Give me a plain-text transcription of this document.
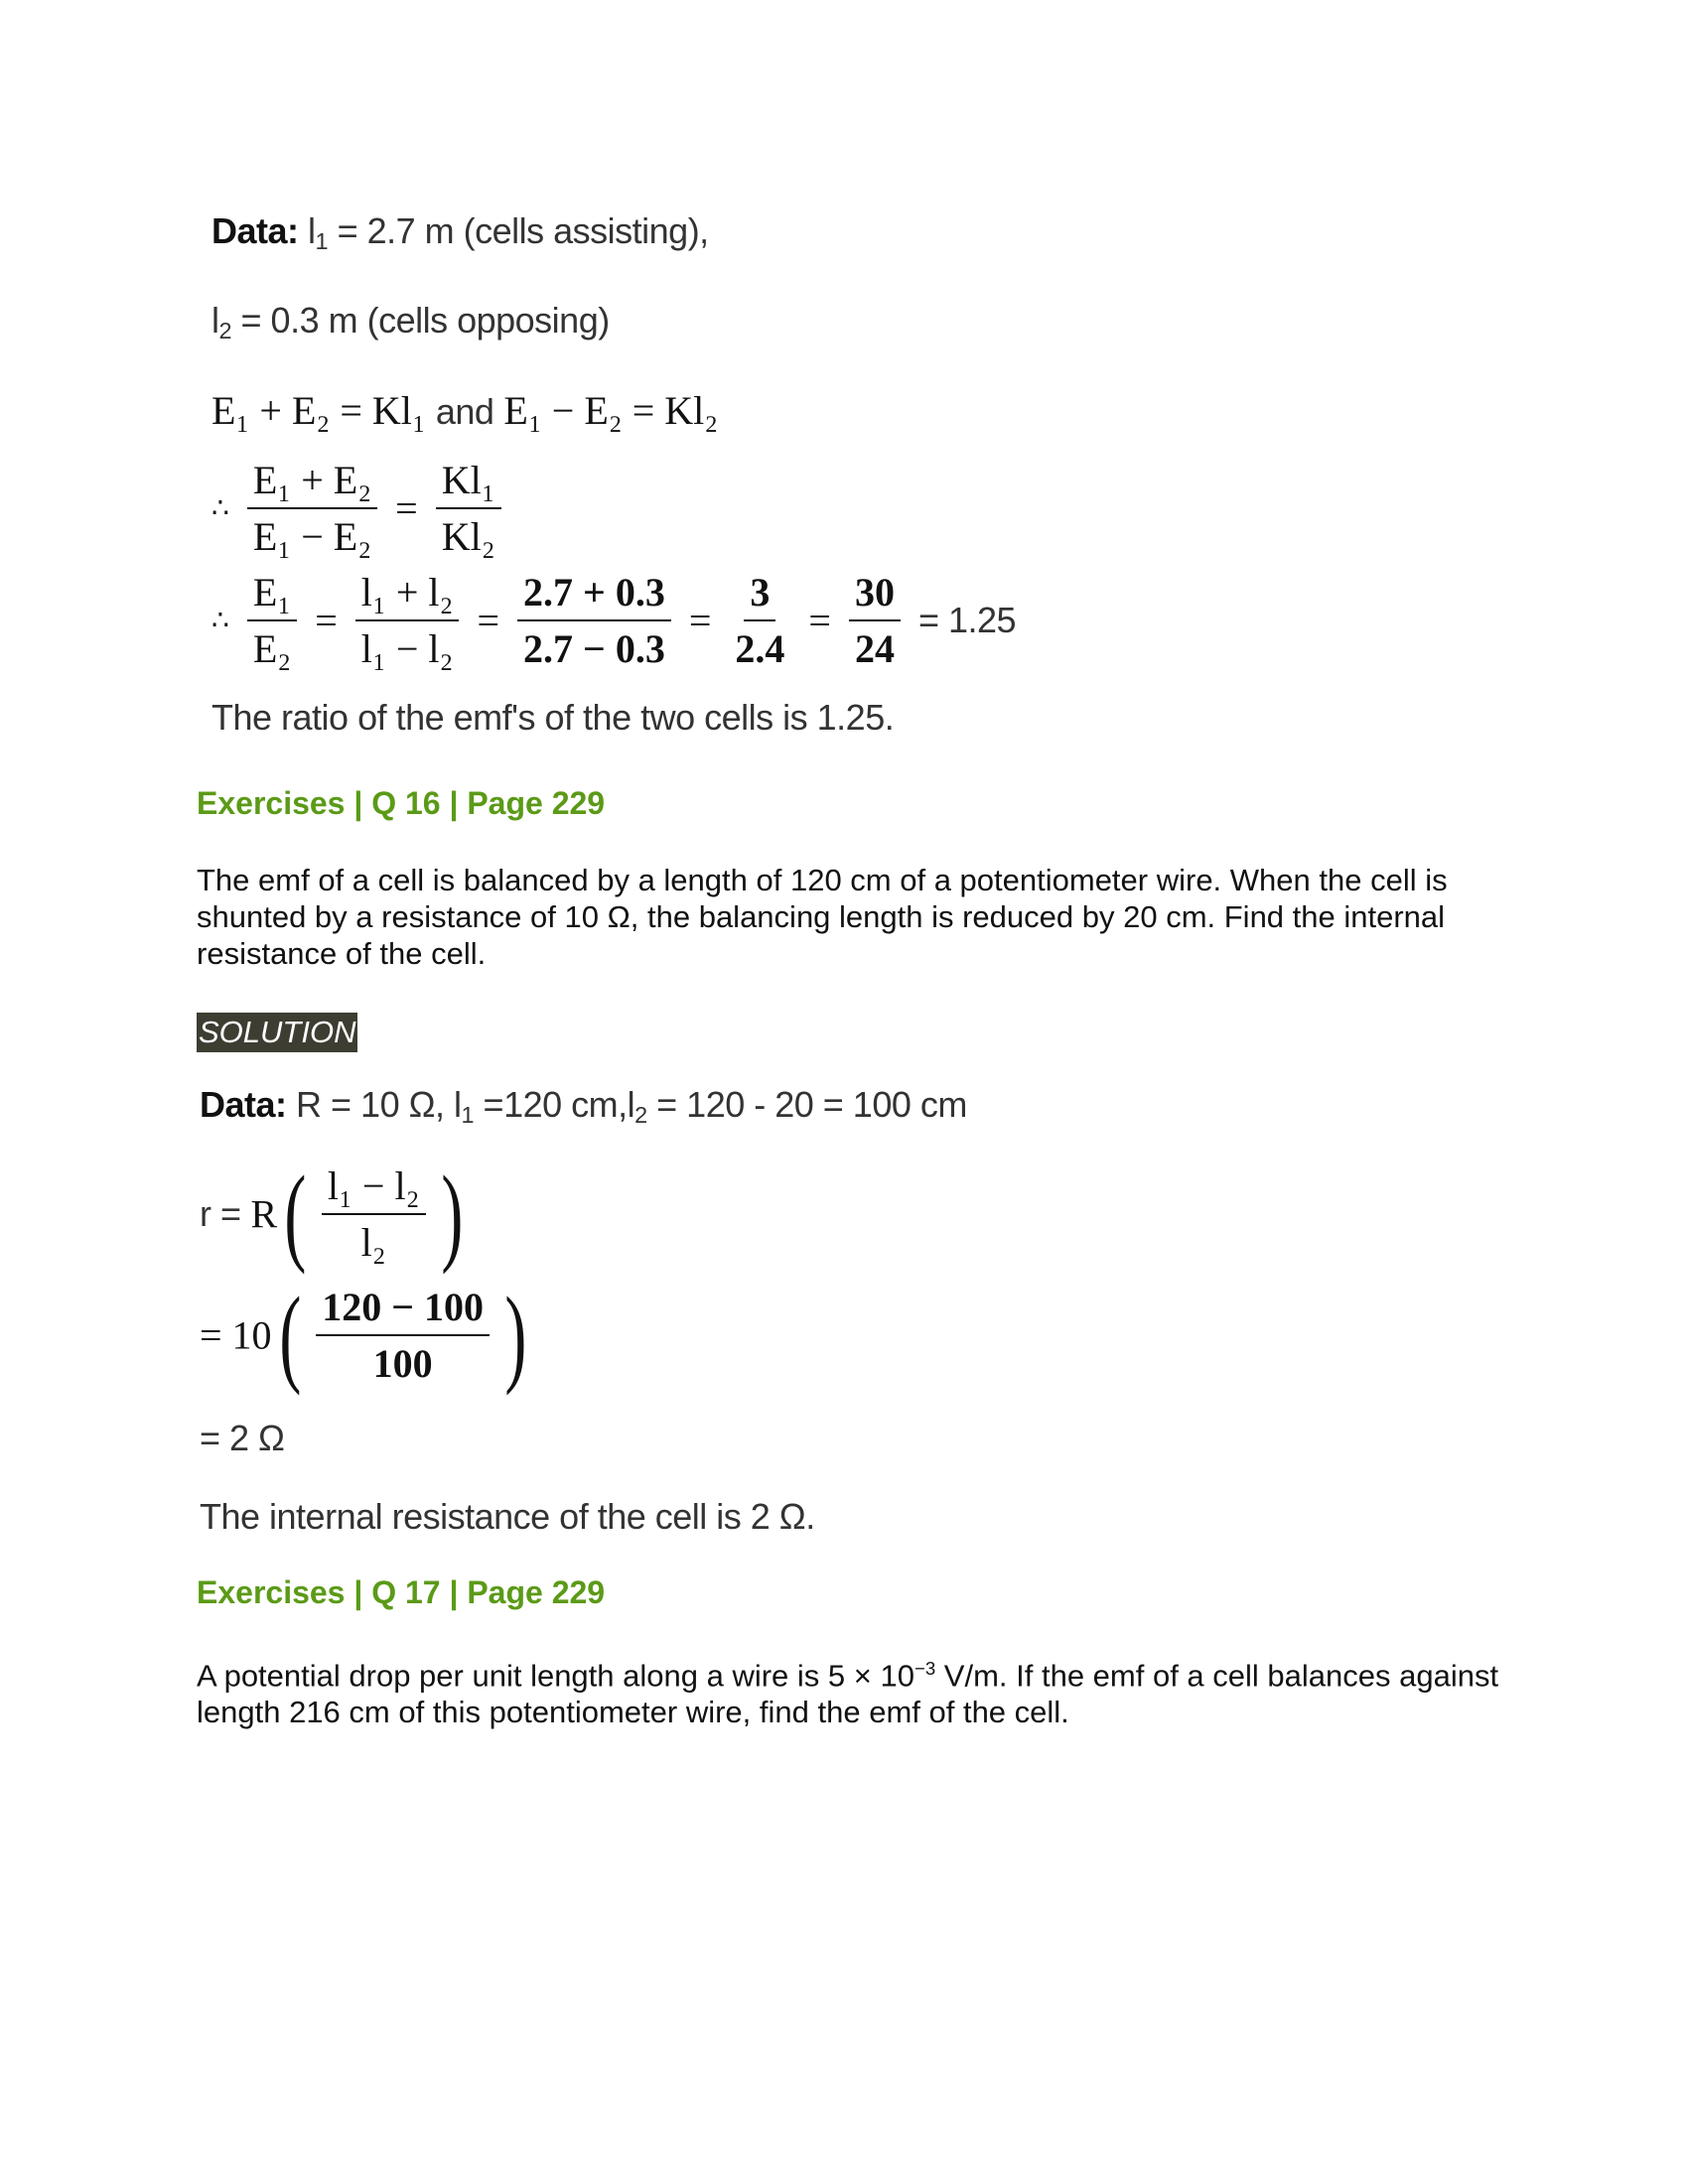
Data: $l_1 = 2.7$ m (cells assisting),
$l_2 = 0.3$ m (cells opposing)
E₁ + E₂ = Kl₁ and E₁ − E₂ = Kl₂
∴ $\frac{\text{E₁ + E₂}}{\text{E₁ − E₂}} = \frac{\text{Kl₁}}{\text{Kl₂}}$
∴ $\frac{\text{E₁}}{\text{E₂}} = \frac{\text{l₁ + l₂}}{\text{l₁ − l₂}} = \frac{2.7 + 0.3}{2.7 - 0.3} = \frac{3}{2.4} = \frac{30}{24} = 1.25$
The ratio of the emf's of the two cells is 1.25.
Exercises | Q 16 | Page 229
The emf of a cell is balanced by a length of 120 cm of a potentiometer wire. When the cell is shunted by a resistance of 10 Ω, the balancing length is reduced by 20 cm. Find the internal resistance of the cell.
SOLUTION
Data: R = 10 Ω, $l_1 =120$ $cm,l_2 = 120 - 20 = 100$ cm
$r = R( \frac{\text{l₁ − l₂}}{\text{l₂}}$ )
= $10( \frac{120 - 100}{100}$ )
= 2 Ω
The internal resistance of the cell is 2 Ω.
Exercises | Q 17 | Page 229
A potential drop per unit length along a wire is $5 \times 10^{-3}$ V/m. If the emf of a cell balances against length 216 cm of this potentiometer wire, find the emf of the cell.
